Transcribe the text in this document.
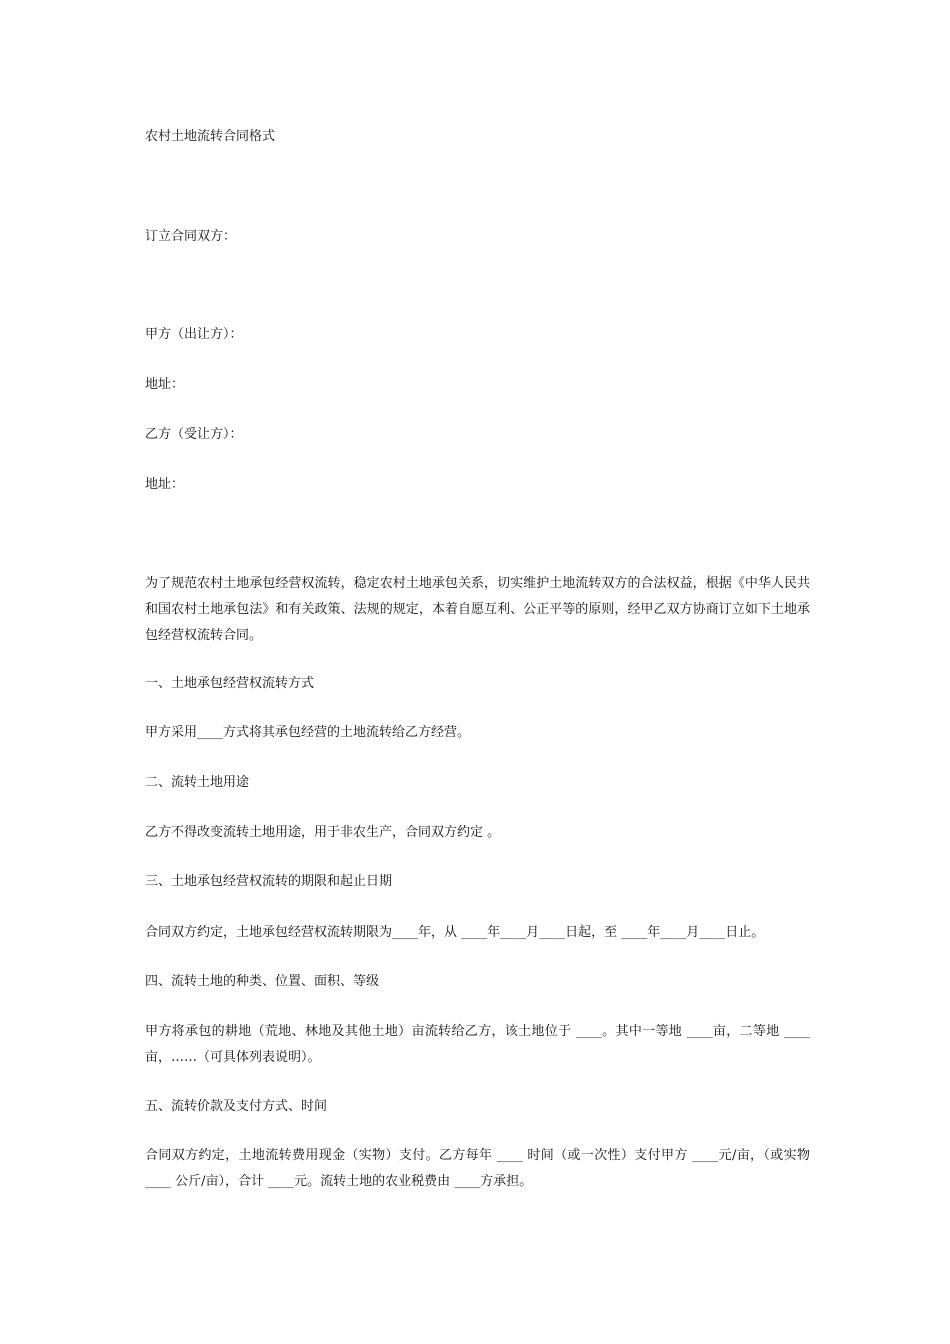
农村土地流转合同格式
订立合同双方：
甲方（出让方）：
地址：
乙方（受让方）：
地址：
为了规范农村土地承包经营权流转，稳定农村土地承包关系，切实维护土地流转双方的合法权益，根据《中华人民共和国农村土地承包法》和有关政策、法规的规定，本着自愿互利、公正平等的原则，经甲乙双方协商订立如下土地承包经营权流转合同。
一、土地承包经营权流转方式
甲方采用____方式将其承包经营的土地流转给乙方经营。
二、流转土地用途
乙方不得改变流转土地用途，用于非农生产，合同双方约定 。
三、土地承包经营权流转的期限和起止日期
合同双方约定，土地承包经营权流转期限为____年，从 ____年____月____日起，至 ____年____月____日止。
四、流转土地的种类、位置、面积、等级
甲方将承包的耕地（荒地、林地及其他土地）亩流转给乙方，该土地位于 ____。其中一等地 ____亩，二等地 ____亩，……（可具体列表说明）。
五、流转价款及支付方式、时间
合同双方约定，土地流转费用现金（实物）支付。乙方每年 ____ 时间（或一次性）支付甲方 ____元/亩，（或实物 ____ 公斤/亩），合计 ____元。流转土地的农业税费由 ____方承担。
